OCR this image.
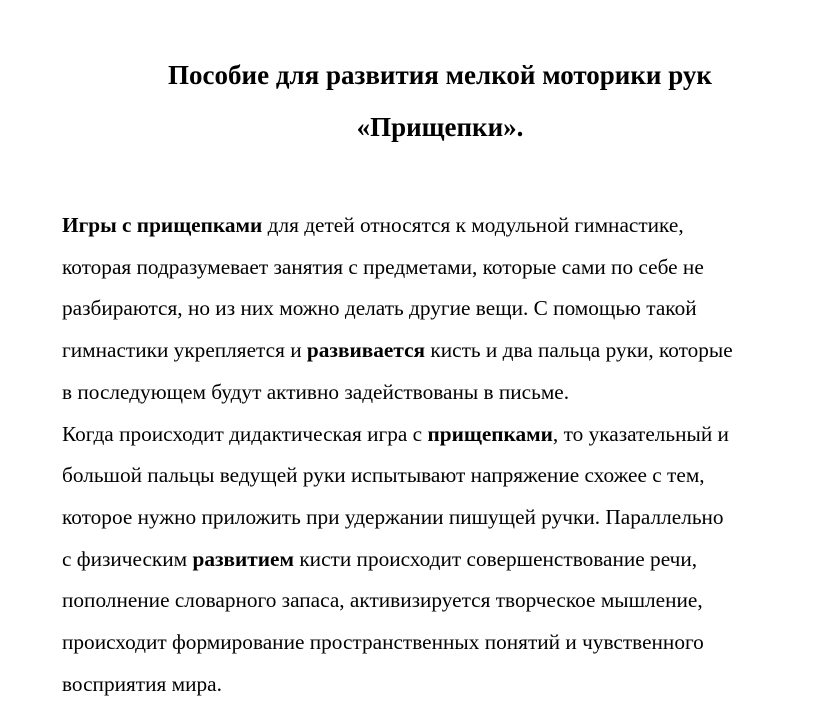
Пособие для развития мелкой моторики рук
«Прищепки».
Игры с прищепками для детей относятся к модульной гимнастике,
которая подразумевает занятия с предметами, которые сами по себе не
разбираются, но из них можно делать другие вещи. С помощью такой
гимнастики укрепляется и развивается кисть и два пальца руки, которые
в последующем будут активно задействованы в письме.
Когда происходит дидактическая игра с прищепками, то указательный и
большой пальцы ведущей руки испытывают напряжение схожее с тем,
которое нужно приложить при удержании пишущей ручки. Параллельно
с физическим развитием кисти происходит совершенствование речи,
пополнение словарного запаса, активизируется творческое мышление,
происходит формирование пространственных понятий и чувственного
восприятия мира.
